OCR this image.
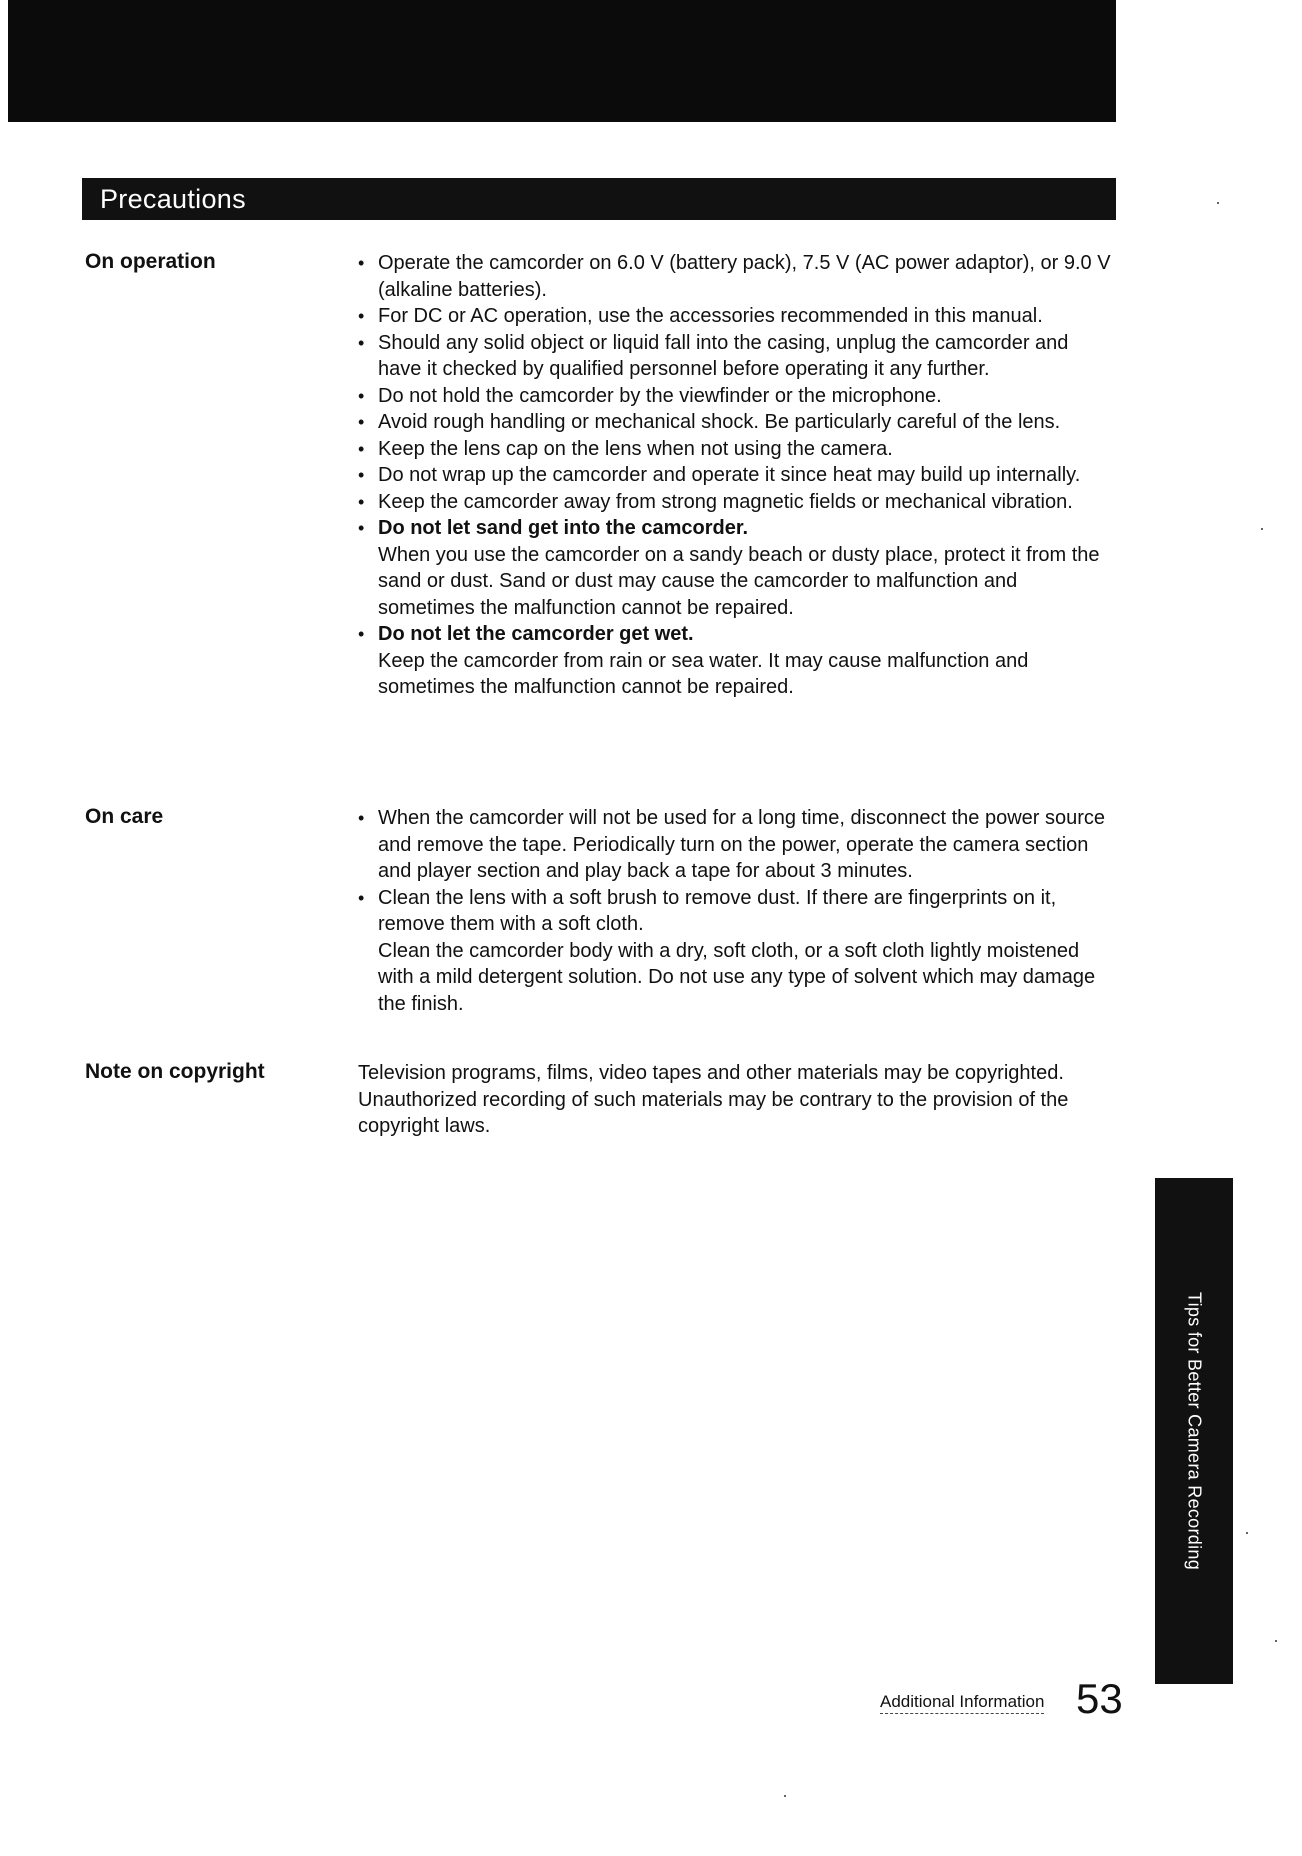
Precautions
On operation	• Operate the camcorder on 6.0 V (battery pack), 7.5 V (AC power adaptor), or 9.0 V (alkaline batteries).
• For DC or AC operation, use the accessories recommended in this manual.
• Should any solid object or liquid fall into the casing, unplug the camcorder and have it checked by qualified personnel before operating it any further.
• Do not hold the camcorder by the viewfinder or the microphone.
• Avoid rough handling or mechanical shock. Be particularly careful of the lens.
• Keep the lens cap on the lens when not using the camera.
• Do not wrap up the camcorder and operate it since heat may build up internally.
• Keep the camcorder away from strong magnetic fields or mechanical vibration.
• Do not let sand get into the camcorder.
When you use the camcorder on a sandy beach or dusty place, protect it from the sand or dust. Sand or dust may cause the camcorder to malfunction and sometimes the malfunction cannot be repaired.
• Do not let the camcorder get wet.
Keep the camcorder from rain or sea water. It may cause malfunction and sometimes the malfunction cannot be repaired.
On care	• When the camcorder will not be used for a long time, disconnect the power source and remove the tape. Periodically turn on the power, operate the camera section and player section and play back a tape for about 3 minutes.
• Clean the lens with a soft brush to remove dust. If there are fingerprints on it, remove them with a soft cloth.
Clean the camcorder body with a dry, soft cloth, or a soft cloth lightly moistened with a mild detergent solution. Do not use any type of solvent which may damage the finish.
Note on copyright	Television programs, films, video tapes and other materials may be copyrighted. Unauthorized recording of such materials may be contrary to the provision of the copyright laws.

Tips for Better Camera Recording
Additional Information 53
